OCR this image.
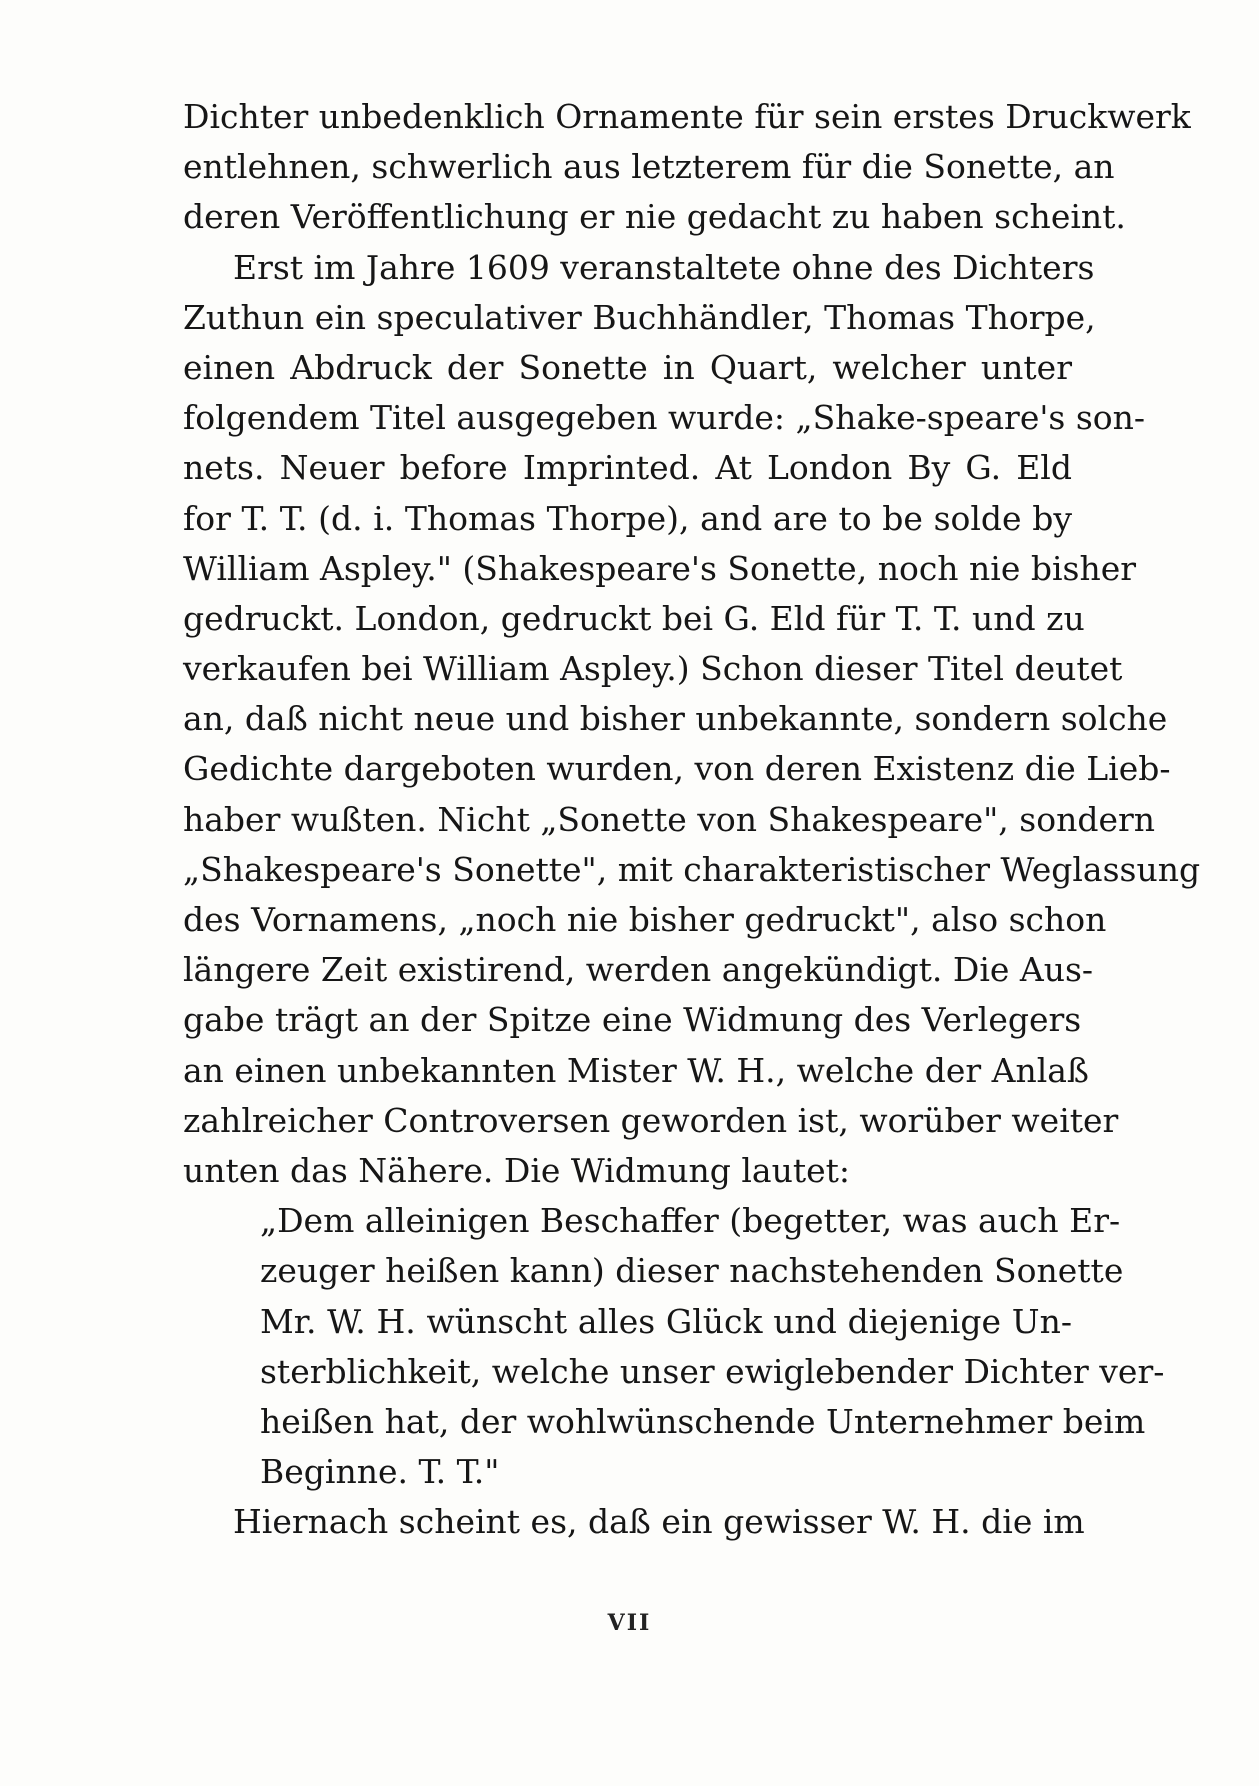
Dichter unbedenklich Ornamente für sein erstes Druckwerk
entlehnen, schwerlich aus letzterem für die Sonette, an
deren Veröffentlichung er nie gedacht zu haben scheint.
Erst im Jahre 1609 veranstaltete ohne des Dichters
Zuthun ein speculativer Buchhändler, Thomas Thorpe,
einen Abdruck der Sonette in Quart, welcher unter
folgendem Titel ausgegeben wurde: „Shake-speare's son-
nets. Neuer before Imprinted. At London By G. Eld
for T. T. (d. i. Thomas Thorpe), and are to be solde by
William Aspley." (Shakespeare's Sonette, noch nie bisher
gedruckt. London, gedruckt bei G. Eld für T. T. und zu
verkaufen bei William Aspley.) Schon dieser Titel deutet
an, daß nicht neue und bisher unbekannte, sondern solche
Gedichte dargeboten wurden, von deren Existenz die Lieb-
haber wußten. Nicht „Sonette von Shakespeare", sondern
„Shakespeare's Sonette", mit charakteristischer Weglassung
des Vornamens, „noch nie bisher gedruckt", also schon
längere Zeit existirend, werden angekündigt. Die Aus-
gabe trägt an der Spitze eine Widmung des Verlegers
an einen unbekannten Mister W. H., welche der Anlaß
zahlreicher Controversen geworden ist, worüber weiter
unten das Nähere. Die Widmung lautet:
„Dem alleinigen Beschaffer (begetter, was auch Er-
zeuger heißen kann) dieser nachstehenden Sonette
Mr. W. H. wünscht alles Glück und diejenige Un-
sterblichkeit, welche unser ewiglebender Dichter ver-
heißen hat, der wohlwünschende Unternehmer beim
Beginne. T. T."
Hiernach scheint es, daß ein gewisser W. H. die im
VII
